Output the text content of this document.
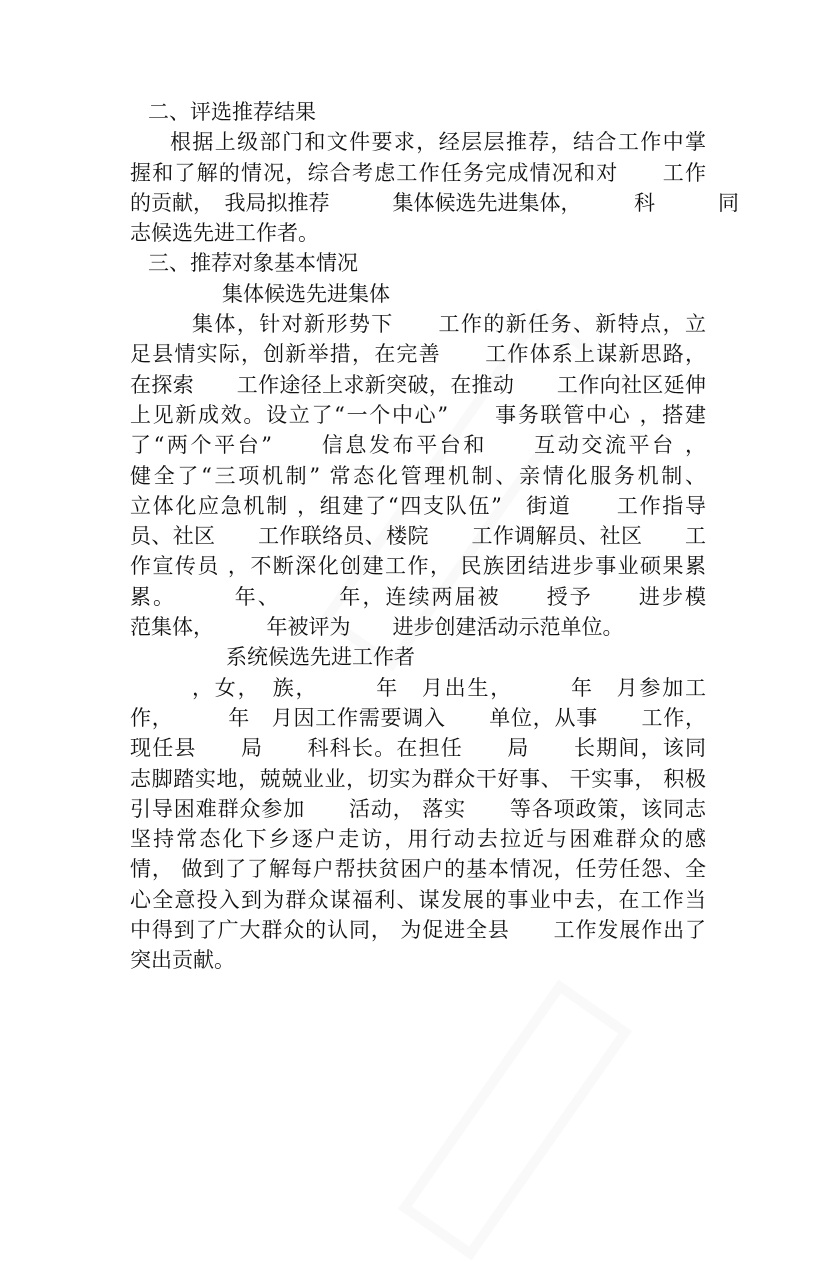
二、评选推荐结果
根据上级部门和文件要求，经层层推荐，结合工作中掌
握和了解的情况，综合考虑工作任务完成情况和对　　工作
的贡献，　我局拟推荐　　　集体候选先进集体，　　　科　　　同
志候选先进工作者。
三、推荐对象基本情况
集体候选先进集体
集体，针对新形势下　　工作的新任务、新特点，立
足县情实际，创新举措，在完善　　工作体系上谋新思路，
在探索　　工作途径上求新突破，在推动　　工作向社区延伸
上见新成效。设立了“一个中心”　　事务联管中心 ，搭建
了“两个平台”　　信息发布平台和　　互动交流平台 ，
健全了“三项机制” 常态化管理机制、亲情化服务机制、
立体化应急机制 ，组建了“四支队伍”　街道　　工作指导
员、社区　　工作联络员、楼院　　工作调解员、社区　　工
作宣传员 ，不断深化创建工作， 民族团结进步事业硕果累
累。　　　年、　　　年，连续两届被　　授予　　进步模
范集体，　　　年被评为　　进步创建活动示范单位。
系统候选先进工作者
，女，　族，　　　年　月出生，　　　年　月参加工
作，　　　年　月因工作需要调入　　单位，从事　　工作，
现任县　　局　　科科长。在担任　　局　　长期间，该同
志脚踏实地，兢兢业业，切实为群众干好事、 干实事， 积极
引导困难群众参加　　活动， 落实　　等各项政策，该同志
坚持常态化下乡逐户走访，用行动去拉近与困难群众的感
情， 做到了了解每户帮扶贫困户的基本情况，任劳任怨、全
心全意投入到为群众谋福利、谋发展的事业中去，在工作当
中得到了广大群众的认同， 为促进全县　　工作发展作出了
突出贡献。
